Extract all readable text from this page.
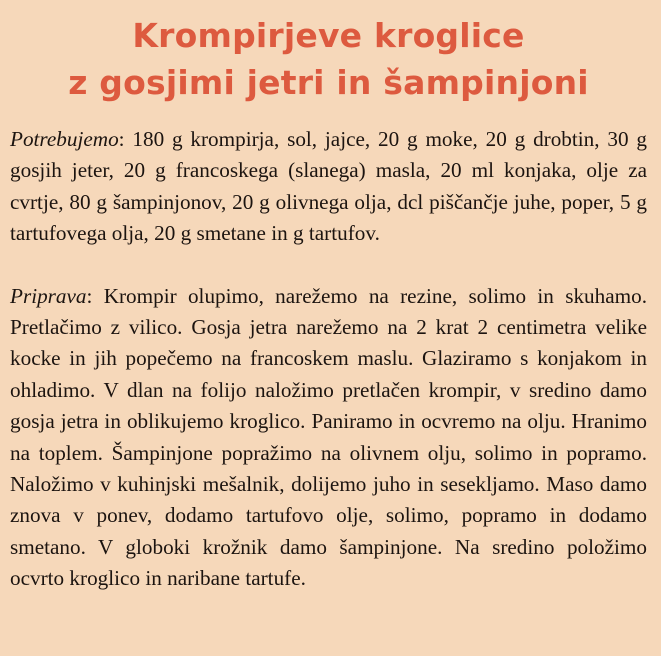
Krompirjeve kroglice
z gosjimi jetri in šampinjoni

Potrebujemo: 180 g krompirja, sol, jajce, 20 g moke, 20 g drobtin, 30 g gosjih jeter, 20 g francoskega (slanega) masla, 20 ml konjaka, olje za cvrtje, 80 g šampinjonov, 20 g olivnega olja, dcl piščančje juhe, poper, 5 g tartufovega olja, 20 g smetane in g tartufov.

Priprava: Krompir olupimo, narežemo na rezine, solimo in skuhamo. Pretlačimo z vilico. Gosja jetra narežemo na 2 krat 2 centimetra velike kocke in jih popečemo na francoskem maslu. Glaziramo s konjakom in ohladimo. V dlan na folijo naložimo pretlačen krompir, v sredino damo gosja jetra in oblikujemo kroglico. Paniramo in ocvremo na olju. Hranimo na toplem. Šampinjone popražimo na olivnem olju, solimo in popramo. Naložimo v kuhinjski mešalnik, dolijemo juho in sesekljamo. Maso damo znova v ponev, dodamo tartufovo olje, solimo, popramo in dodamo smetano. V globoki krožnik damo šampinjone. Na sredino položimo ocvrto kroglico in naribane tartufe.
